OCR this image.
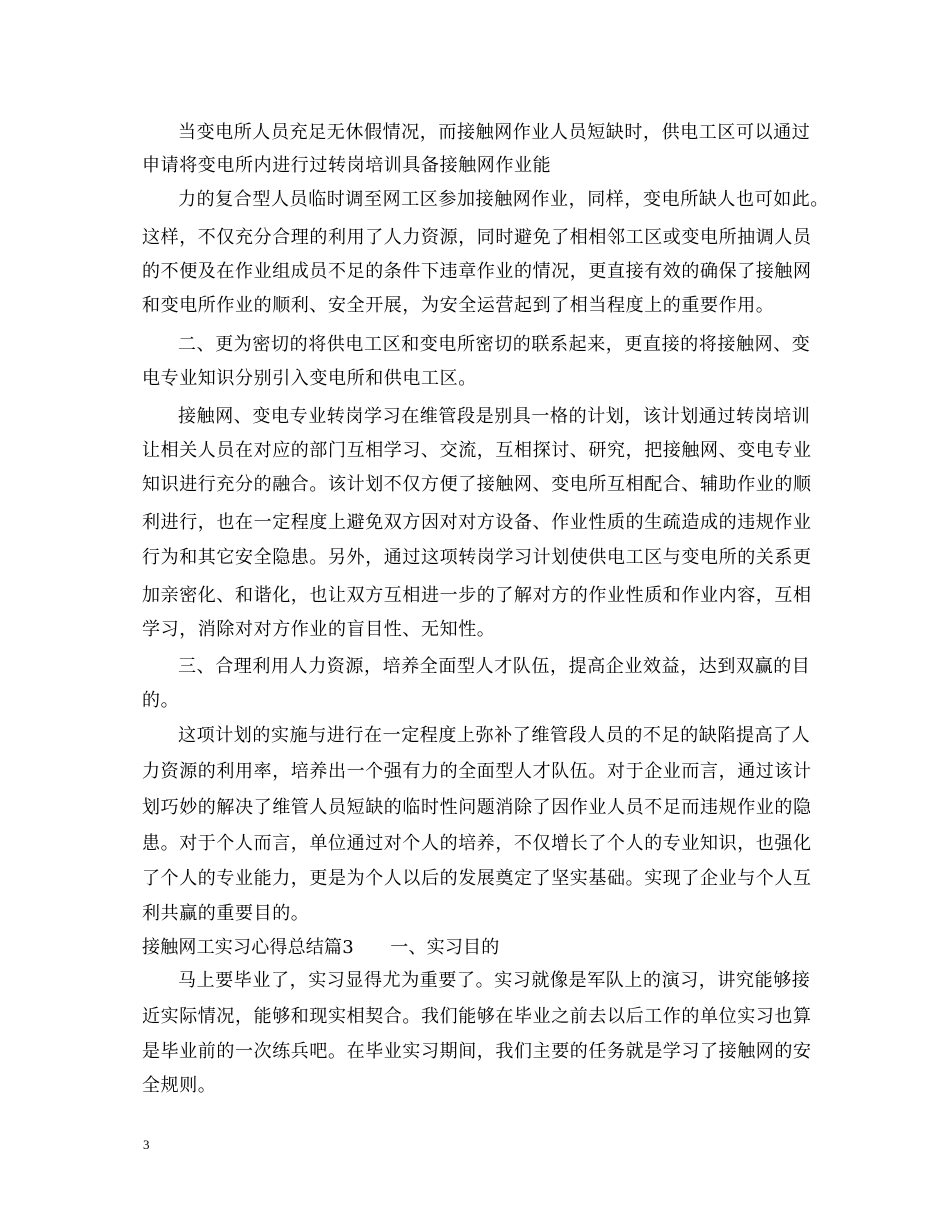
当变电所人员充足无休假情况，而接触网作业人员短缺时，供电工区可以通过
申请将变电所内进行过转岗培训具备接触网作业能
力的复合型人员临时调至网工区参加接触网作业，同样，变电所缺人也可如此。
这样，不仅充分合理的利用了人力资源，同时避免了相相邻工区或变电所抽调人员
的不便及在作业组成员不足的条件下违章作业的情况，更直接有效的确保了接触网
和变电所作业的顺利、安全开展，为安全运营起到了相当程度上的重要作用。
二、更为密切的将供电工区和变电所密切的联系起来，更直接的将接触网、变
电专业知识分别引入变电所和供电工区。
接触网、变电专业转岗学习在维管段是别具一格的计划，该计划通过转岗培训
让相关人员在对应的部门互相学习、交流，互相探讨、研究，把接触网、变电专业
知识进行充分的融合。该计划不仅方便了接触网、变电所互相配合、辅助作业的顺
利进行，也在一定程度上避免双方因对对方设备、作业性质的生疏造成的违规作业
行为和其它安全隐患。另外，通过这项转岗学习计划使供电工区与变电所的关系更
加亲密化、和谐化，也让双方互相进一步的了解对方的作业性质和作业内容，互相
学习，消除对对方作业的盲目性、无知性。
三、合理利用人力资源，培养全面型人才队伍，提高企业效益，达到双赢的目
的。
这项计划的实施与进行在一定程度上弥补了维管段人员的不足的缺陷提高了人
力资源的利用率，培养出一个强有力的全面型人才队伍。对于企业而言，通过该计
划巧妙的解决了维管人员短缺的临时性问题消除了因作业人员不足而违规作业的隐
患。对于个人而言，单位通过对个人的培养，不仅增长了个人的专业知识，也强化
了个人的专业能力，更是为个人以后的发展奠定了坚实基础。实现了企业与个人互
利共赢的重要目的。
接触网工实习心得总结篇3　　一、实习目的
马上要毕业了，实习显得尤为重要了。实习就像是军队上的演习，讲究能够接
近实际情况，能够和现实相契合。我们能够在毕业之前去以后工作的单位实习也算
是毕业前的一次练兵吧。在毕业实习期间，我们主要的任务就是学习了接触网的安
全规则。
3
